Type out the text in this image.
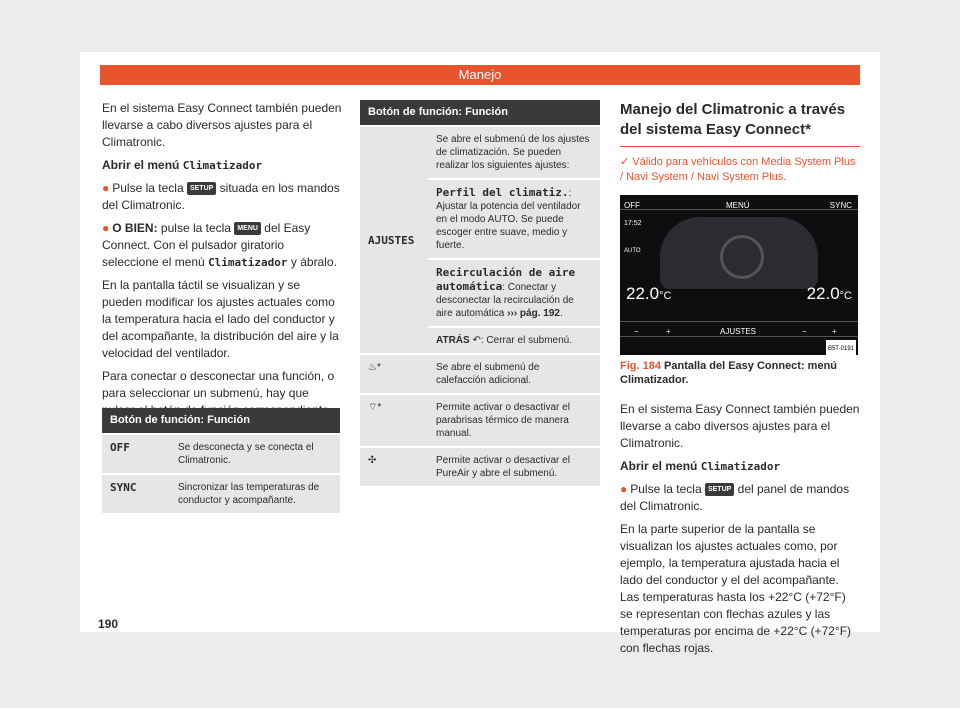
Manejo

En el sistema Easy Connect también pueden llevarse a cabo diversos ajustes para el Climatronic.

Abrir el menú Climatizador

● Pulse la tecla SETUP situada en los mandos del Climatronic.

● O BIEN: pulse la tecla MENU del Easy Connect. Con el pulsador giratorio seleccione el menú Climatizador y ábralo.

En la pantalla táctil se visualizan y se pueden modificar los ajustes actuales como la temperatura hacia el lado del conductor y del acompañante, la distribución del aire y la velocidad del ventilador.

Para conectar o desconectar una función, o para seleccionar un submenú, hay que

Botón de función: Función	
OFF	Se desconecta y se conecta el Climatronic.
SYNC	Sincronizar las temperaturas de conductor y acompañante.
Botón de función: Función	
AJUSTES	Se abre el submenú de los ajustes de climatización. Se pueden realizar los siguientes ajustes:
	Perfil del climatiz.: Ajustar la potencia del ventilador en el modo AUTO. Se puede escoger entre suave, medio y fuerte.
	Recirculación de aire automática: Conectar y desconectar la recirculación de aire automática ››› pág. 192.
	ATRÁS ↶: Cerrar el submenú.
♨*	Se abre el submenú de calefacción adicional.
⌔*	Permite activar o desactivar el parabrisas térmico de manera manual.
✣	Permite activar o desactivar el PureAir y abre el submenú.
Manejo del Climatronic a través del sistema Easy Connect*
✓ Válido para vehículos con Media System Plus / Navi System / Navi System Plus.
OFF	MENÚ	SYNC
17:52
AUTO
22.0°C	22.0°C
−	+	AJUSTES	−	+
B5T-0191
Fig. 184 Pantalla del Easy Connect: menú Climatizador.

En el sistema Easy Connect también pueden llevarse a cabo diversos ajustes para el Climatronic.

Abrir el menú Climatizador

● Pulse la tecla SETUP del panel de mandos del Climatronic.

En la parte superior de la pantalla se visualizan los ajustes actuales como, por ejemplo, la temperatura ajustada hacia el lado del conductor y el del acompañante. Las temperaturas hasta los +22°C (+72°F) se representan con flechas azules y las temperaturas por encima de +22°C (+72°F) con flechas rojas.

190
